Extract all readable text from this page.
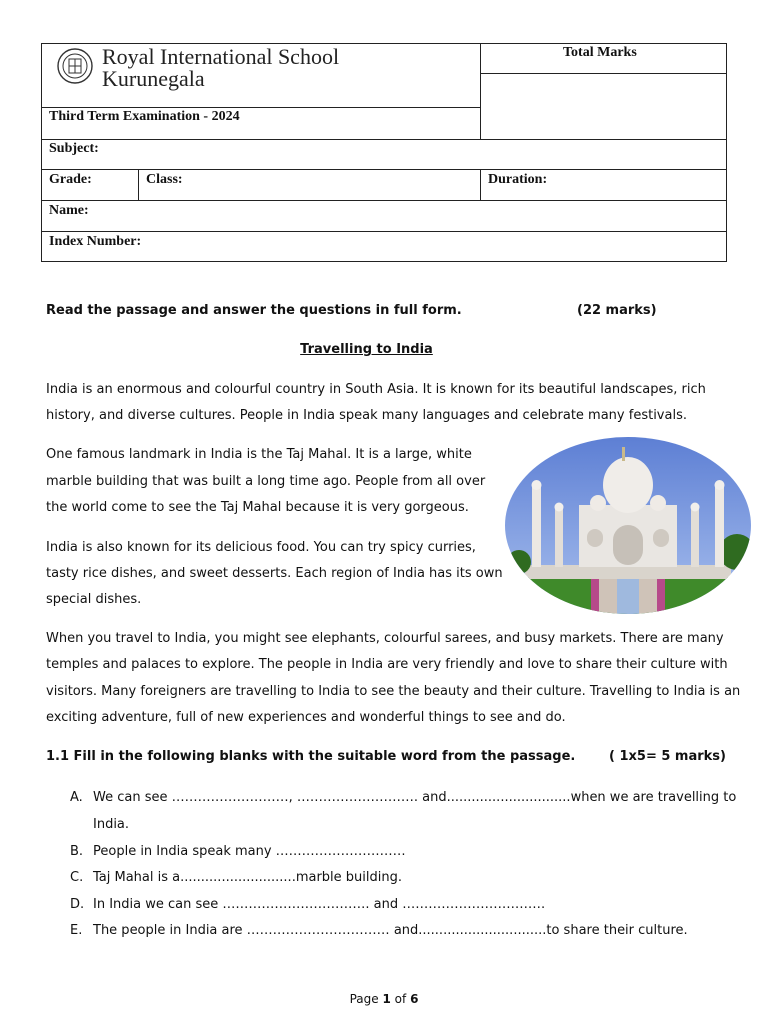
Royal International School
Kurunegala
Total Marks
Third Term Examination - 2024
Subject:
Grade:	Class:	Duration:
Name:
Index Number:
Read the passage and answer the questions in full form.	(22 marks)
Travelling to India
India is an enormous and colourful country in South Asia. It is known for its beautiful landscapes, rich
history, and diverse cultures. People in India speak many languages and celebrate many festivals.
One famous landmark in India is the Taj Mahal. It is a large, white
marble building that was built a long time ago. People from all over
the world come to see the Taj Mahal because it is very gorgeous.
India is also known for its delicious food. You can try spicy curries,
tasty rice dishes, and sweet desserts. Each region of India has its own
special dishes.
When you travel to India, you might see elephants, colourful sarees, and busy markets. There are many
temples and palaces to explore. The people in India are very friendly and love to share their culture with
visitors. Many foreigners are travelling to India to see the beauty and their culture. Travelling to India is an
exciting adventure, full of new experiences and wonderful things to see and do.
1.1 Fill in the following blanks with the suitable word from the passage.	( 1x5= 5 marks)
A. We can see ………………………, ………………………. and..............................when we are travelling to
India.
B. People in India speak many …………………………
C. Taj Mahal is a............................marble building.
D. In India we can see ……………………………. and ……………………………
E. The people in India are …………………………… and...............................to share their culture.
Page 1 of 6
